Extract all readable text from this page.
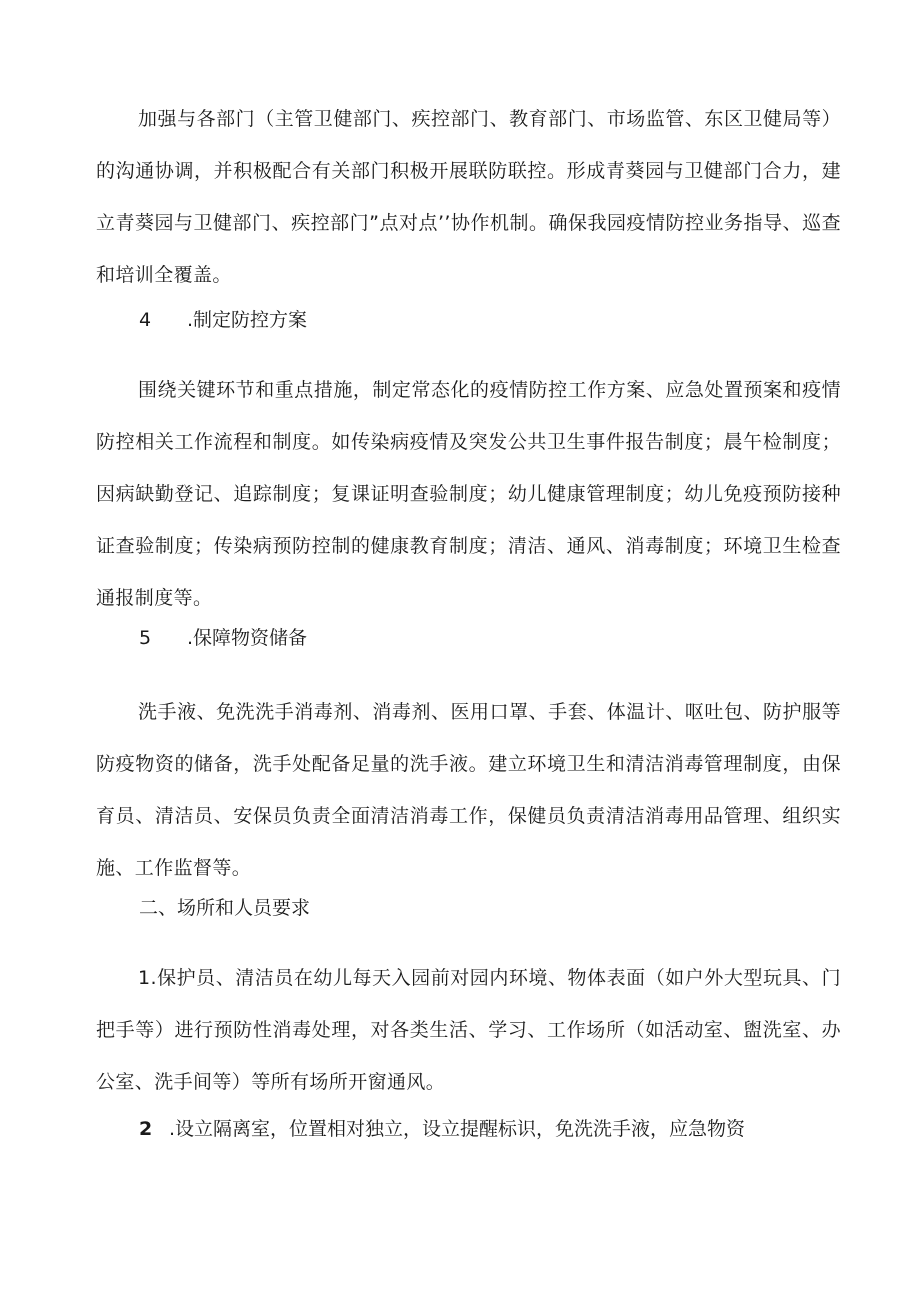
加强与各部门（主管卫健部门、疾控部门、教育部门、市场监管、东区卫健局等）的沟通协调，并积极配合有关部门积极开展联防联控。形成青葵园与卫健部门合力，建立青葵园与卫健部门、疾控部门”点对点’’协作机制。确保我园疫情防控业务指导、巡查和培训全覆盖。

4 .制定防控方案

围绕关键环节和重点措施，制定常态化的疫情防控工作方案、应急处置预案和疫情防控相关工作流程和制度。如传染病疫情及突发公共卫生事件报告制度；晨午检制度；因病缺勤登记、追踪制度；复课证明查验制度；幼儿健康管理制度；幼儿免疫预防接种证查验制度；传染病预防控制的健康教育制度；清洁、通风、消毒制度；环境卫生检查通报制度等。

5 .保障物资储备

洗手液、免洗洗手消毒剂、消毒剂、医用口罩、手套、体温计、呕吐包、防护服等防疫物资的储备，洗手处配备足量的洗手液。建立环境卫生和清洁消毒管理制度，由保育员、清洁员、安保员负责全面清洁消毒工作，保健员负责清洁消毒用品管理、组织实施、工作监督等。

二、场所和人员要求

1.保护员、清洁员在幼儿每天入园前对园内环境、物体表面（如户外大型玩具、门把手等）进行预防性消毒处理，对各类生活、学习、工作场所（如活动室、盥洗室、办公室、洗手间等）等所有场所开窗通风。

2 .设立隔离室，位置相对独立，设立提醒标识，免洗洗手液，应急物资
